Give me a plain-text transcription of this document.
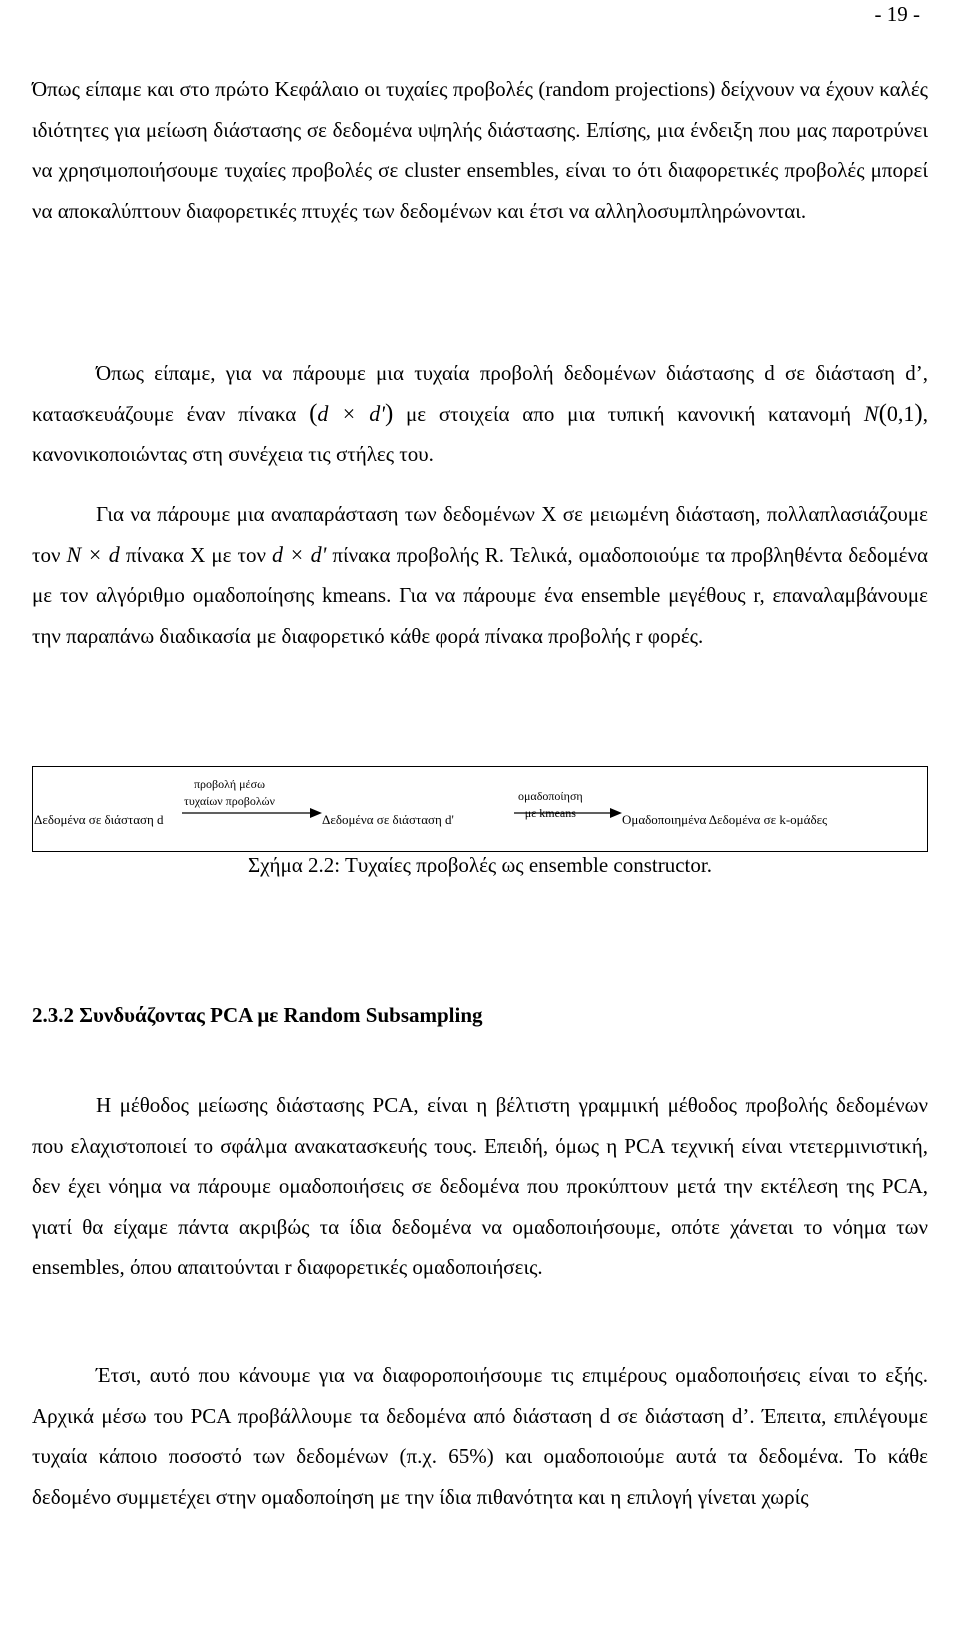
- 19 -

Όπως είπαμε και στο πρώτο Κεφάλαιο οι τυχαίες προβολές (random projections) δείχνουν να έχουν καλές ιδιότητες για μείωση διάστασης σε δεδομένα υψηλής διάστασης. Επίσης, μια ένδειξη που μας παροτρύνει να χρησιμοποιήσουμε τυχαίες προβολές σε cluster ensembles, είναι το ότι διαφορετικές προβολές μπορεί να αποκαλύπτουν διαφορετικές πτυχές των δεδομένων και έτσι να αλληλοσυμπληρώνονται.

Όπως είπαμε, για να πάρουμε μια τυχαία προβολή δεδομένων διάστασης d σε διάσταση d’, κατασκευάζουμε έναν πίνακα (d × d') με στοιχεία απο μια τυπική κανονική κατανομή N(0,1), κανονικοποιώντας στη συνέχεια τις στήλες του.

Για να πάρουμε μια αναπαράσταση των δεδομένων X σε μειωμένη διάσταση, πολλαπλασιάζουμε τον N × d πίνακα X με τον d × d' πίνακα προβολής R. Τελικά, ομαδοποιούμε τα προβληθέντα δεδομένα με τον αλγόριθμο ομαδοποίησης kmeans. Για να πάρουμε ένα ensemble μεγέθους r, επαναλαμβάνουμε την παραπάνω διαδικασία με διαφορετικό κάθε φορά πίνακα προβολής r φορές.

Δεδομένα σε διάσταση d
προβολή μέσω
τυχαίων προβολών
Δεδομένα σε διάσταση d'
ομαδοποίηση
με kmeans	Ομαδοποιημένα Δεδομένα σε k-ομάδες
Σχήμα 2.2: Τυχαίες προβολές ως ensemble constructor.
2.3.2 Συνδυάζοντας PCA με Random Subsampling

Η μέθοδος μείωσης διάστασης PCA, είναι η βέλτιστη γραμμική μέθοδος προβολής δεδομένων που ελαχιστοποιεί το σφάλμα ανακατασκευής τους. Επειδή, όμως η PCA τεχνική είναι ντετερμινιστική, δεν έχει νόημα να πάρουμε ομαδοποιήσεις σε δεδομένα που προκύπτουν μετά την εκτέλεση της PCA, γιατί θα είχαμε πάντα ακριβώς τα ίδια δεδομένα να ομαδοποιήσουμε, οπότε χάνεται το νόημα των ensembles, όπου απαιτούνται r διαφορετικές ομαδοποιήσεις.

Έτσι, αυτό που κάνουμε για να διαφοροποιήσουμε τις επιμέρους ομαδοποιήσεις είναι το εξής. Αρχικά μέσω του PCA προβάλλουμε τα δεδομένα από διάσταση d σε διάσταση d’. Έπειτα, επιλέγουμε τυχαία κάποιο ποσοστό των δεδομένων (π.χ. 65%) και ομαδοποιούμε αυτά τα δεδομένα. Το κάθε δεδομένο συμμετέχει στην ομαδοποίηση με την ίδια πιθανότητα και η επιλογή γίνεται χωρίς
